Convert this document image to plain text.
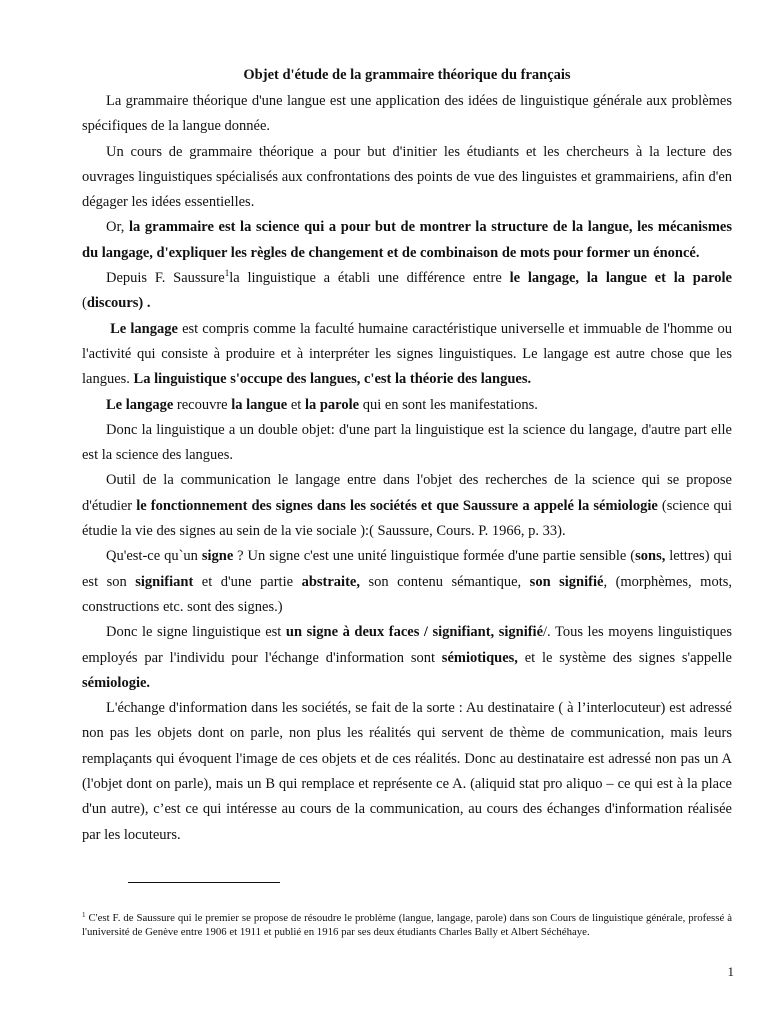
Objet d'étude de la grammaire théorique du français

La grammaire théorique d'une langue est une application des idées de linguistique générale aux problèmes spécifiques de la langue donnée.

Un cours de grammaire théorique a pour but d'initier les étudiants et les chercheurs à la lecture des ouvrages linguistiques spécialisés aux confrontations des points de vue des linguistes et grammairiens, afin d'en dégager les idées essentielles.

Or, la grammaire est la science qui a pour but de montrer la structure de la langue, les mécanismes du langage, d'expliquer les règles de changement et de combinaison de mots pour former un énoncé.

Depuis F. Saussure$^1$la linguistique a établi une différence entre le langage, la langue et la parole (discours) .

Le langage est compris comme la faculté humaine caractéristique universelle et immuable de l'homme ou l'activité qui consiste à produire et à interpréter les signes linguistiques. Le langage est autre chose que les langues. La linguistique s'occupe des langues, c'est la théorie des langues.

Le langage recouvre la langue et la parole qui en sont les manifestations.

Donc la linguistique a un double objet: d'une part la linguistique est la science du langage, d'autre part elle est la science des langues.

Outil de la communication le langage entre dans l'objet des recherches de la science qui se propose d'étudier le fonctionnement des signes dans les sociétés et que Saussure a appelé la sémiologie (science qui étudie la vie des signes au sein de la vie sociale ):( Saussure, Cours. P. 1966, p. 33).

Qu'est-ce qu`un signe ? Un signe c'est une unité linguistique formée d'une partie sensible (sons, lettres) qui est son signifiant et d'une partie abstraite, son contenu sémantique, son signifié, (morphèmes, mots, constructions etc. sont des signes.)

Donc le signe linguistique est un signe à deux faces / signifiant, signifié/. Tous les moyens linguistiques employés par l'individu pour l'échange d'information sont sémiotiques, et le système des signes s'appelle sémiologie.

L'échange d'information dans les sociétés, se fait de la sorte : Au destinataire ( à l’interlocuteur) est adressé non pas les objets dont on parle, non plus les réalités qui servent de thème de communication, mais leurs remplaçants qui évoquent l'image de ces objets et de ces réalités. Donc au destinataire est adressé non pas un A (l'objet dont on parle), mais un B qui remplace et représente ce A. (aliquid stat pro aliquo – ce qui est à la place d'un autre), c’est ce qui intéresse au cours de la communication, au cours des échanges d'information réalisée par les locuteurs.

$^1$ C'est F. de Saussure qui le premier se propose de résoudre le problème (langue, langage, parole) dans son Cours de linguistique générale, professé à l'université de Genève entre 1906 et 1911 et publié en 1916 par ses deux étudiants Charles Bally et Albert Séchéhaye.
1
